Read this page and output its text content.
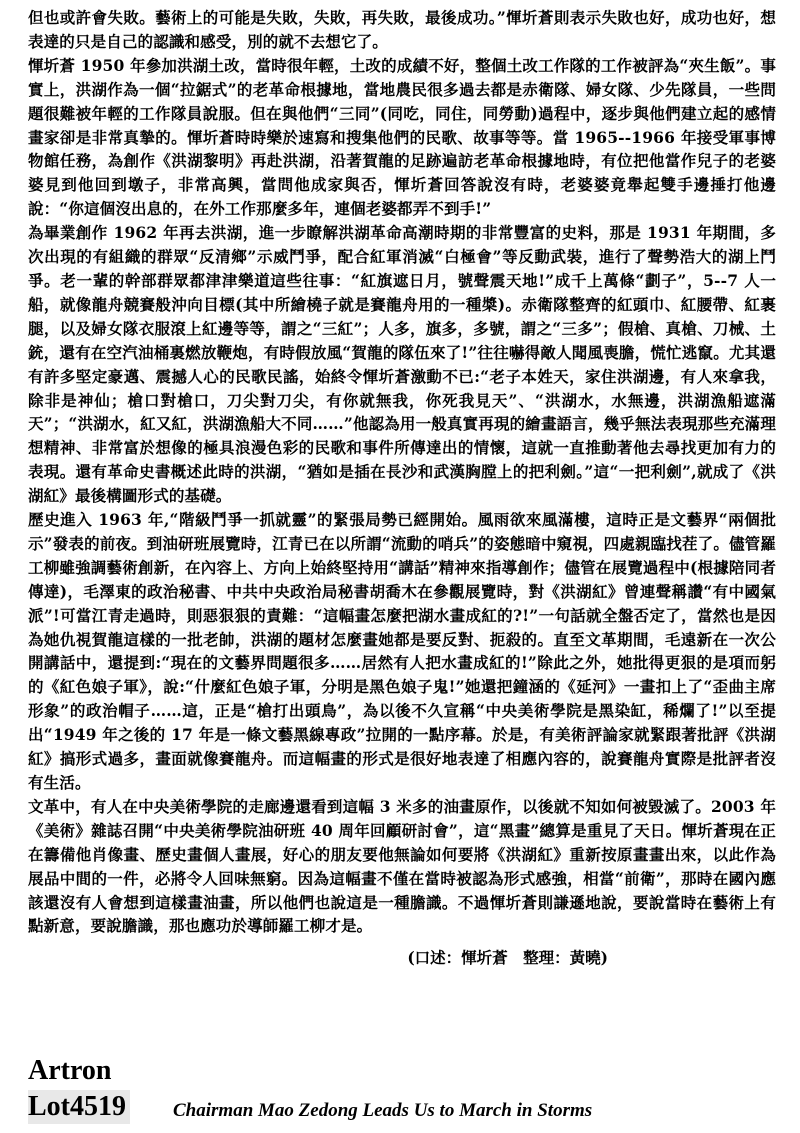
但也或許會失敗。藝術上的可能是失敗，失敗，再失敗，最後成功。”惲圻蒼則表示失敗也好，成功也好，想表達的只是自己的認識和感受，別的就不去想它了。

惲圻蒼 1950 年參加洪湖土改，當時很年輕，土改的成績不好，整個土改工作隊的工作被評為“夾生飯”。事實上，洪湖作為一個“拉鋸式”的老革命根據地，當地農民很多過去都是赤衛隊、婦女隊、少先隊員，一些問題很難被年輕的工作隊員說服。但在與他們“三同”(同吃，同住，同勞動)過程中，逐步與他們建立起的感情畫家卻是非常真摯的。惲圻蒼時時樂於速寫和搜集他們的民歌、故事等等。當 1965--1966 年接受軍事博物館任務，為創作《洪湖黎明》再赴洪湖，沿著賀龍的足跡遍訪老革命根據地時，有位把他當作兒子的老婆婆見到他回到墩子，非常高興，當問他成家與否，惲圻蒼回答說沒有時，老婆婆竟舉起雙手邊捶打他邊說：“你這個沒出息的，在外工作那麼多年，連個老婆都弄不到手!”

為畢業創作 1962 年再去洪湖，進一步瞭解洪湖革命高潮時期的非常豐富的史料，那是 1931 年期間，多次出現的有組織的群眾“反清鄉”示威鬥爭，配合紅軍消滅“白極會”等反動武裝，進行了聲勢浩大的湖上鬥爭。老一輩的幹部群眾都津津樂道這些往事：“紅旗遮日月，號聲震天地!”成千上萬條“劃子”，5--7 人一船，就像龍舟競賽般沖向目標(其中所繪橈子就是賽龍舟用的一種槳)。赤衛隊整齊的紅頭巾、紅腰帶、紅裹腿，以及婦女隊衣服滾上紅邊等等，謂之“三紅”；人多，旗多，多號，謂之“三多”；假槍、真槍、刀械、土銃，還有在空汽油桶裏燃放鞭炮，有時假放風“賀龍的隊伍來了!”往往嚇得敵人聞風喪膽，慌忙逃竄。尤其還有許多堅定豪邁、震撼人心的民歌民謠，始終令惲圻蒼激動不已:“老子本姓天，家住洪湖邊，有人來拿我，除非是神仙；槍口對槍口，刀尖對刀尖，有你就無我，你死我見天”、“洪湖水，水無邊，洪湖漁船遮滿天”；“洪湖水，紅又紅，洪湖漁船大不同……”他認為用一般真實再現的繪畫語言，幾乎無法表現那些充滿理想精神、非常富於想像的極具浪漫色彩的民歌和事件所傳達出的情懷，這就一直推動著他去尋找更加有力的表現。還有革命史書概述此時的洪湖，“猶如是插在長沙和武漢胸膛上的把利劍。”這“一把利劍”,就成了《洪湖紅》最後構圖形式的基礎。

歷史進入 1963 年,“階級鬥爭一抓就靈”的緊張局勢已經開始。風雨欲來風滿樓，這時正是文藝界“兩個批示”發表的前夜。到油研班展覽時，江青已在以所謂“流動的哨兵”的姿態暗中窺視，四處親臨找茬了。儘管羅工柳雖強調藝術創新，在內容上、方向上始終堅持用“講話”精神來指導創作；儘管在展覽過程中(根據陪同者傳達)，毛澤東的政治秘書、中共中央政治局秘書胡喬木在參觀展覽時，對《洪湖紅》曾連聲稱讚“有中國氣派”!可當江青走過時，則惡狠狠的責難：“這幅畫怎麼把湖水畫成紅的?!”一句話就全盤否定了，當然也是因為她仇視賀龍這樣的一批老帥，洪湖的題材怎麼畫她都是要反對、扼殺的。直至文革期間，毛遠新在一次公開講話中，還提到:“現在的文藝界問題很多……居然有人把水畫成紅的!”除此之外，她批得更狠的是項而躬的《紅色娘子軍》，說:“什麼紅色娘子軍，分明是黑色娘子鬼!”她還把鐘涵的《延河》一畫扣上了“歪曲主席形象”的政治帽子……這，正是“槍打出頭鳥”，為以後不久宣稱“中央美術學院是黑染缸，稀爛了!”以至提出“1949 年之後的 17 年是一條文藝黑線專政”拉開的一點序幕。於是，有美術評論家就緊跟著批評《洪湖紅》搞形式過多，畫面就像賽龍舟。而這幅畫的形式是很好地表達了相應內容的，說賽龍舟實際是批評者沒有生活。

文革中，有人在中央美術學院的走廊邊還看到這幅 3 米多的油畫原作，以後就不知如何被毀滅了。2003 年《美術》雜誌召開“中央美術學院油研班 40 周年回顧研討會”，這“黑畫”總算是重見了天日。惲圻蒼現在正在籌備他肖像畫、歷史畫個人畫展，好心的朋友要他無論如何要將《洪湖紅》重新按原畫畫出來，以此作為展品中間的一件，必將令人回味無窮。因為這幅畫不僅在當時被認為形式感強，相當“前衛”，那時在國內應該還沒有人會想到這樣畫油畫，所以他們也說這是一種膽識。不過惲圻蒼則謙遜地說，要說當時在藝術上有點新意，要說膽識，那也應功於導師羅工柳才是。

(口述：惲圻蒼　整理：黃曉)

Artron

Lot4519 Chairman Mao Zedong Leads Us to March in Storms
